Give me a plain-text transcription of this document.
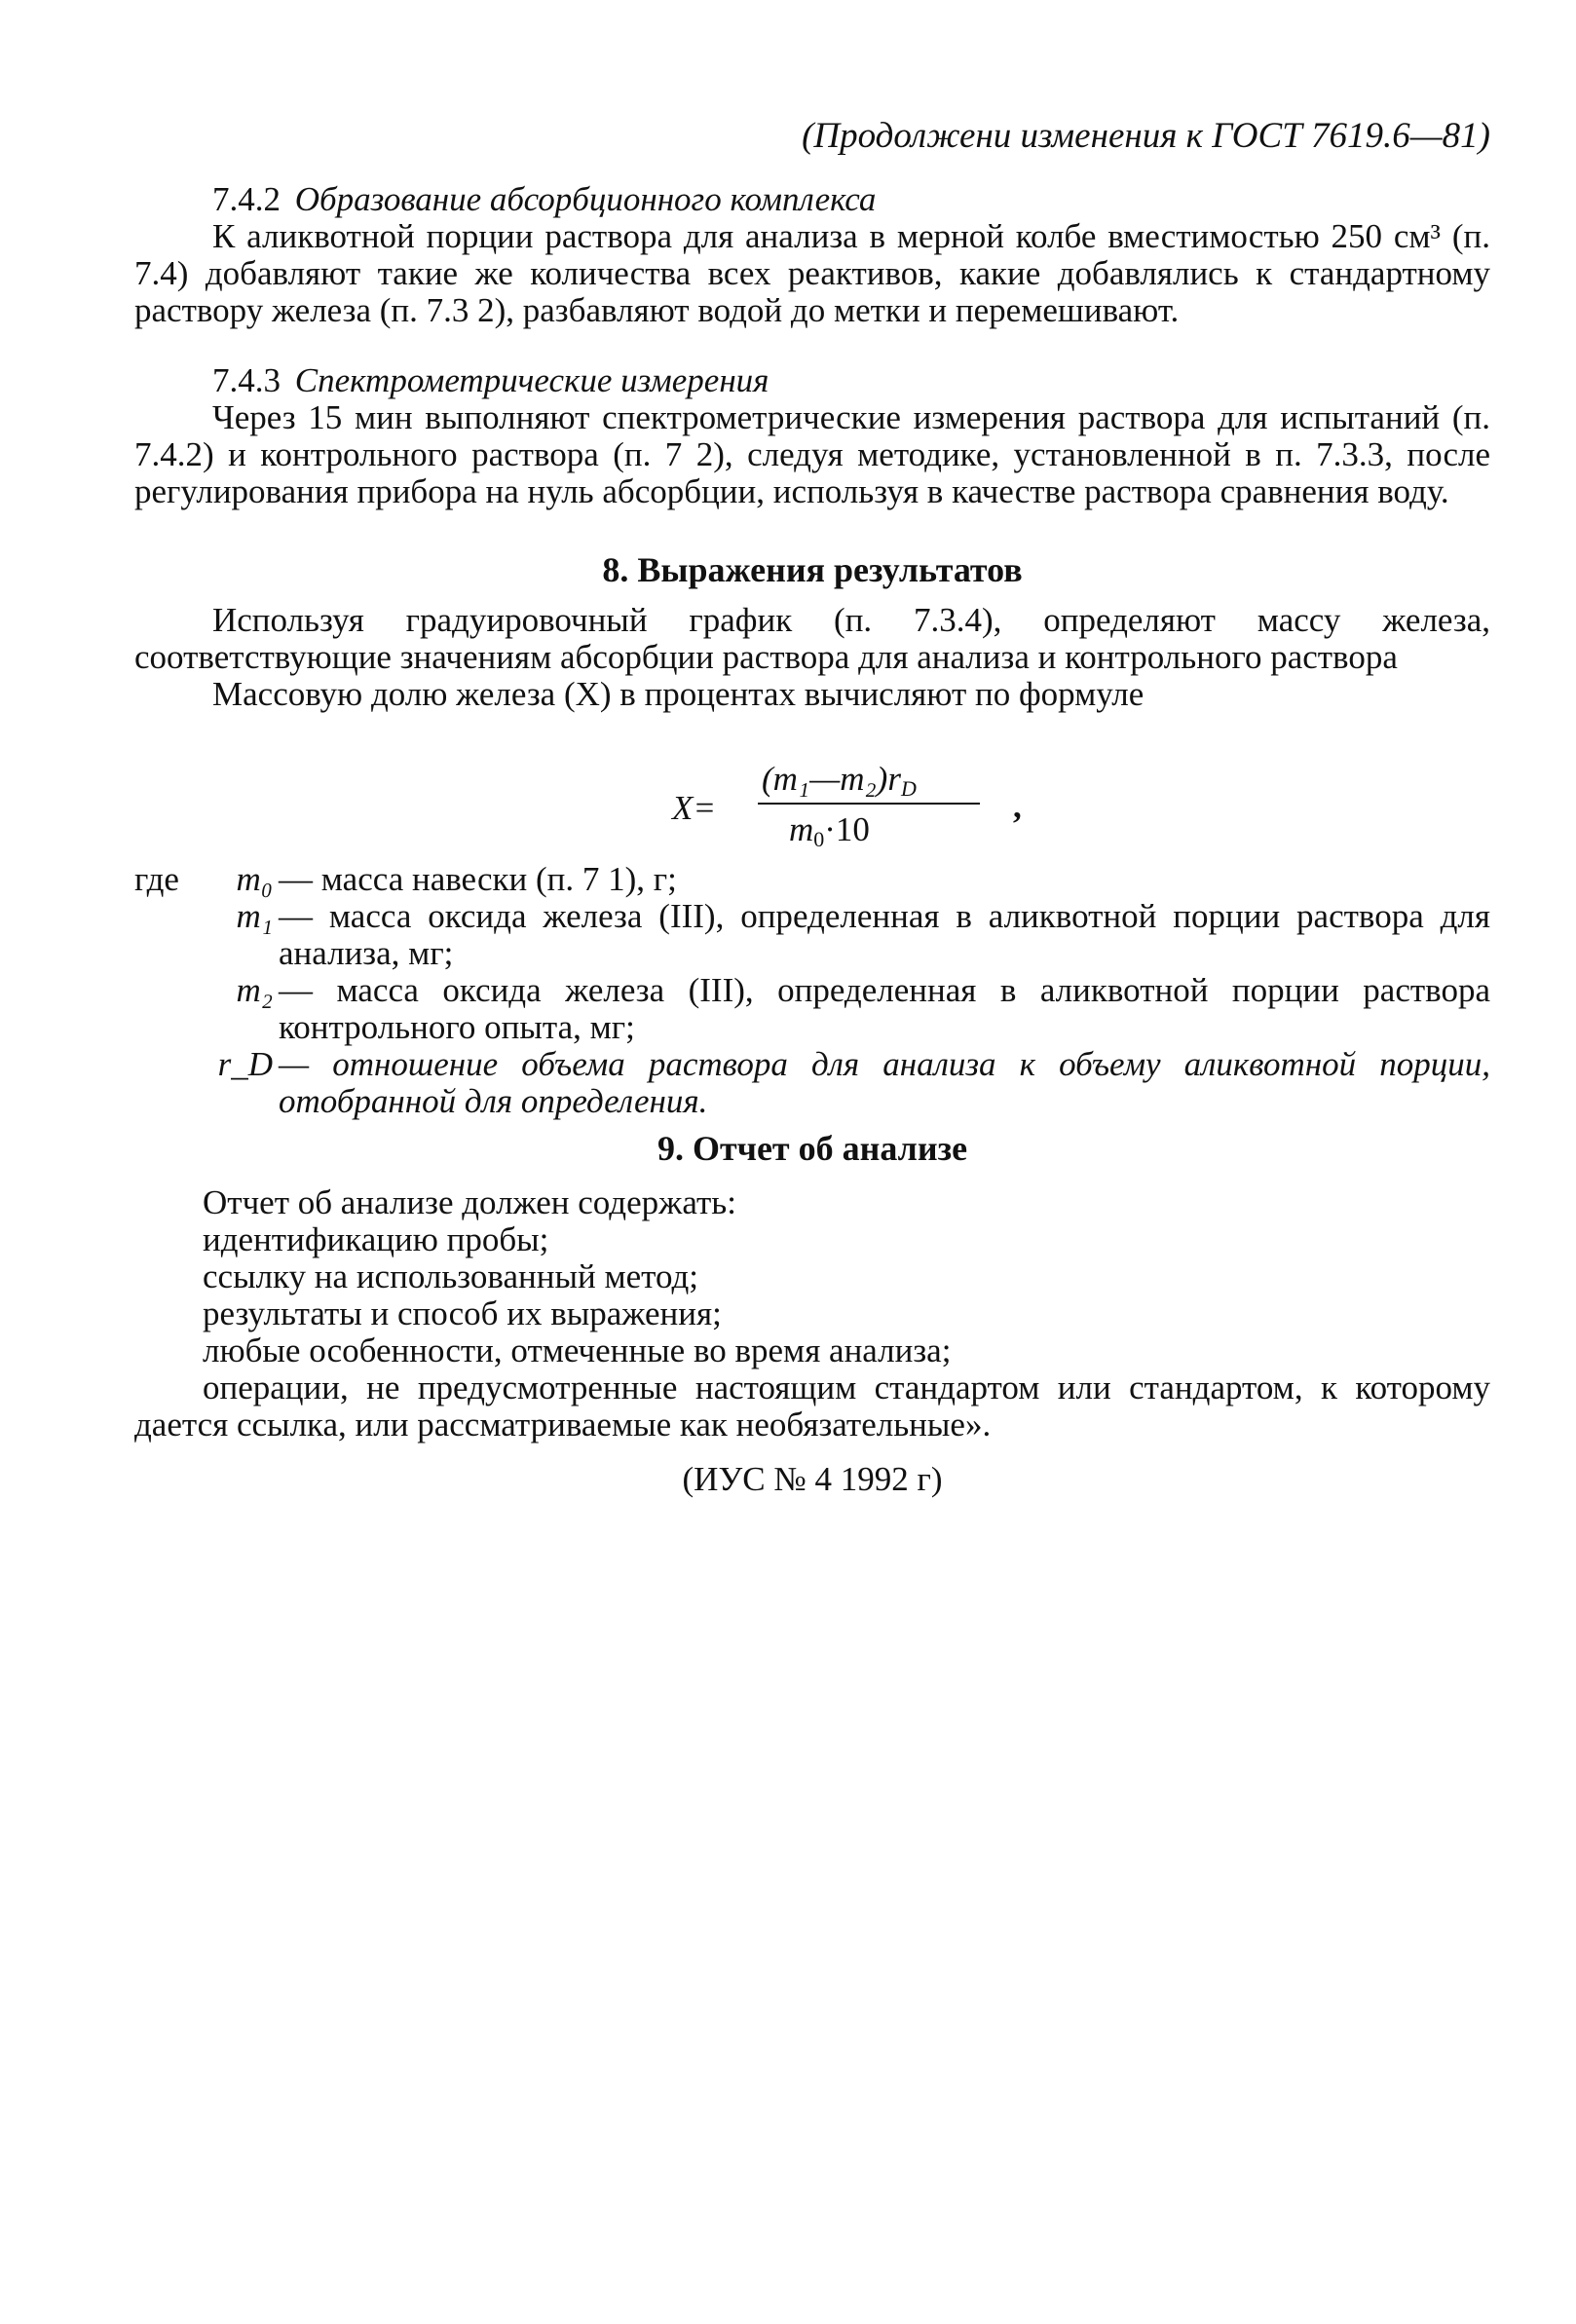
(Продолжени изменения к ГОСТ 7619.6—81)
7.4.2 Образование абсорбционного комплекса

К аликвотной порции раствора для анализа в мерной колбе вместимостью 250 см³ (п. 7.4) добавляют такие же количества всех реактивов, какие добавлялись к стандартному раствору железа (п. 7.3 2), разбавляют водой до метки и перемешивают.

7.4.3 Спектрометрические измерения

Через 15 мин выполняют спектрометрические измерения раствора для испытаний (п. 7.4.2) и контрольного раствора (п. 7 2), следуя методике, установленной в п. 7.3.3, после регулирования прибора на нуль абсорбции, используя в качестве раствора сравнения воду.

8. Выражения результатов

Используя градуировочный график (п. 7.3.4), определяют массу железа, соответствующие значениям абсорбции раствора для анализа и контрольного раствора

Массовую долю железа (X) в процентах вычисляют по формуле

X=
$(m_1—m_2)r_D$
$m_0\cdot 10$
,
где m₀ — масса навески (п. 7 1), г;
m₁ — масса оксида железа (III), определенная в аликвотной порции раствора для анализа, мг;
m₂ — масса оксида железа (III), определенная в аликвотной порции раствора контрольного опыта, мг;
r_D — отношение объема раствора для анализа к объему аликвотной порции, отобранной для определения.

9. Отчет об анализе

Отчет об анализе должен содержать:

идентификацию пробы;

ссылку на использованный метод;

результаты и способ их выражения;

любые особенности, отмеченные во время анализа;

операции, не предусмотренные настоящим стандартом или стандартом, к которому дается ссылка, или рассматриваемые как необязательные».

(ИУС № 4 1992 г)
